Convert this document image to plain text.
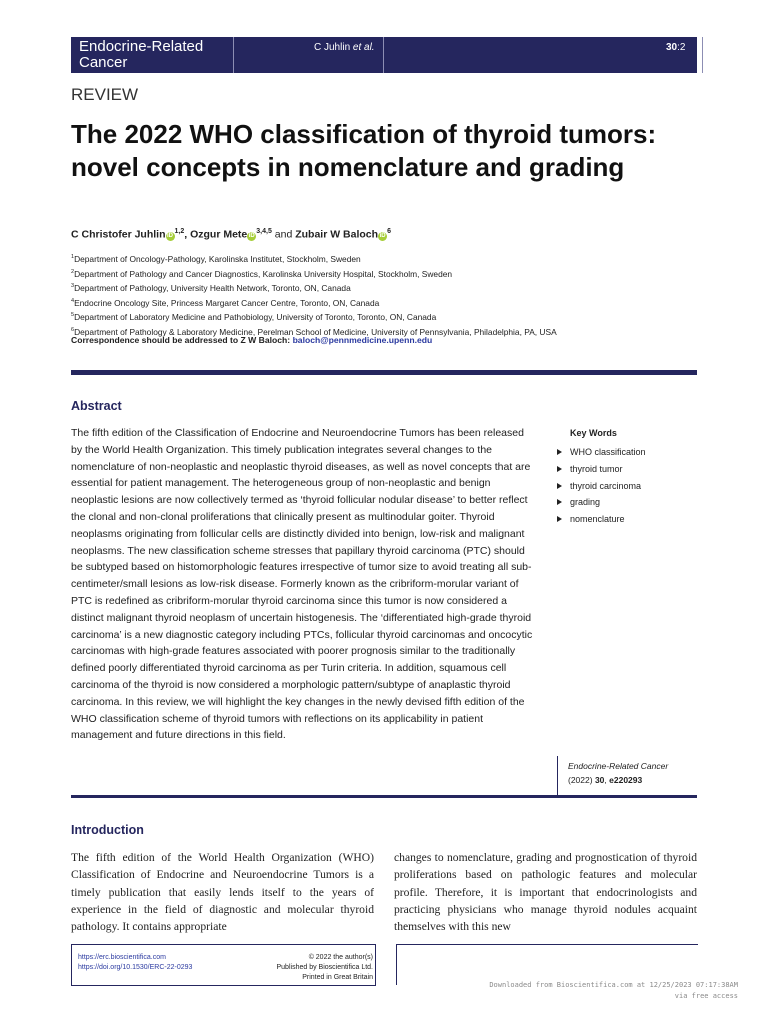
Endocrine-Related Cancer
C Juhlin et al.	30:2	e220293
REVIEW
The 2022 WHO classification of thyroid tumors: novel concepts in nomenclature and grading
C Christofer Juhlin iD$^{1,2}$, Ozgur Mete iD$^{3,4,5}$ and Zubair W Baloch $iD^6$
$^1$Department of Oncology-Pathology, Karolinska Institutet, Stockholm, Sweden
$^2$Department of Pathology and Cancer Diagnostics, Karolinska University Hospital, Stockholm, Sweden
$^3$Department of Pathology, University Health Network, Toronto, ON, Canada
$^4$Endocrine Oncology Site, Princess Margaret Cancer Centre, Toronto, ON, Canada
$^5$Department of Laboratory Medicine and Pathobiology, University of Toronto, Toronto, ON, Canada
$^6$Department of Pathology & Laboratory Medicine, Perelman School of Medicine, University of Pennsylvania, Philadelphia, PA, USA
Correspondence should be addressed to Z W Baloch: baloch@pennmedicine.upenn.edu
Abstract
The fifth edition of the Classification of Endocrine and Neuroendocrine Tumors has been released by the World Health Organization. This timely publication integrates several changes to the nomenclature of non-neoplastic and neoplastic thyroid diseases, as well as novel concepts that are essential for patient management. The heterogeneous group of non-neoplastic and benign neoplastic lesions are now collectively termed as ‘thyroid follicular nodular disease’ to better reflect the clonal and non-clonal proliferations that clinically present as multinodular goiter. Thyroid neoplasms originating from follicular cells are distinctly divided into benign, low-risk and malignant neoplasms. The new classification scheme stresses that papillary thyroid carcinoma (PTC) should be subtyped based on histomorphologic features irrespective of tumor size to avoid treating all sub-centimeter/small lesions as low-risk disease. Formerly known as the cribriform-morular variant of PTC is redefined as cribriform-morular thyroid carcinoma since this tumor is now considered a distinct malignant thyroid neoplasm of uncertain histogenesis. The ‘differentiated high-grade thyroid carcinoma’ is a new diagnostic category including PTCs, follicular thyroid carcinomas and oncocytic carcinomas with high-grade features associated with poorer prognosis similar to the traditionally defined poorly differentiated thyroid carcinoma as per Turin criteria. In addition, squamous cell carcinoma of the thyroid is now considered a morphologic pattern/subtype of anaplastic thyroid carcinoma. In this review, we will highlight the key changes in the newly devised fifth edition of the WHO classification scheme of thyroid tumors with reflections on its applicability in patient management and future directions in this field.
Key Words
WHO classification
thyroid tumor
thyroid carcinoma
grading
nomenclature
Endocrine-Related Cancer
(2022) 30, e220293
Introduction
The fifth edition of the World Health Organization (WHO) Classification of Endocrine and Neuroendocrine Tumors is a timely publication that easily lends itself to the years of experience in the field of diagnostic and molecular thyroid pathology. It contains appropriate
changes to nomenclature, grading and prognostication of thyroid proliferations based on pathologic features and molecular profile. Therefore, it is important that endocrinologists and practicing physicians who manage thyroid nodules acquaint themselves with this new
https://erc.bioscientifica.com
https://doi.org/10.1530/ERC-22-0293
© 2022 the author(s)
Published by Bioscientifica Ltd.
Printed in Great Britain
Downloaded from Bioscientifica.com at 12/25/2023 07:17:38AM
via free access
